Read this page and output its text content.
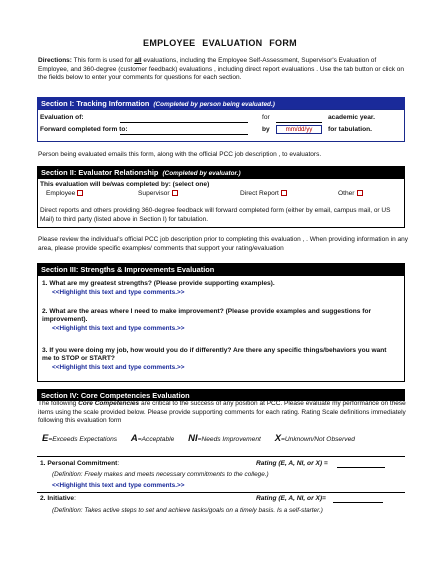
EMPLOYEE EVALUATION FORM
Directions: This form is used for all evaluations, including the Employee Self-Assessment, Supervisor's Evaluation of Employee, and 360-degree (customer feedback) evaluations , including direct report evaluations . Use the tab button or click on the fields below to enter your comments for questions for each section.
Section I: Tracking Information (Completed by person being evaluated.)
Evaluation of:	for	academic year.
Forward completed form to:	by	mm/dd/yy	for tabulation.
Person being evaluated emails this form, along with the official PCC job description , to evaluators.
Section II: Evaluator Relationship (Completed by evaluator.)
This evaluation will be/was completed by: (select one)
Employee	Supervisor	Direct Report	Other
Direct reports and others providing 360-degree feedback will forward completed form (either by email, campus mail, or US Mail) to third party (listed above in Section I) for tabulation.
Please review the individual's official PCC job description prior to completing this evaluation , . When providing information in any area, please provide specific examples/ comments that support your rating/evaluation
Section III: Strengths & Improvements Evaluation
1. What are my greatest strengths? (Please provide supporting examples).
<<Highlight this text and type comments.>>
2. What are the areas where I need to make improvement? (Please provide examples and suggestions for improvement).
<<Highlight this text and type comments.>>
3. If you were doing my job, how would you do if differently? Are there any specific things/behaviors you want me to STOP or START?
<<Highlight this text and type comments.>>
Section IV: Core Competencies Evaluation
The following Core Competencies are critical to the success of any position at PCC. Please evaluate my performance on these items using the scale provided below. Please provide supporting comments for each rating. Rating Scale definitions immediately following this evaluation form
E=Exceeds Expectations A=Acceptable NI=Needs Improvement X=Unknown/Not Observed
1. Personal Commitment:	Rating (E, A, NI, or X) =
(Definition: Freely makes and meets necessary commitments to the college.)
<<Highlight this text and type comments.>>
2. Initiative:	Rating (E, A, NI, or X)=
(Definition: Takes active steps to set and achieve tasks/goals on a timely basis. Is a self-starter.)
